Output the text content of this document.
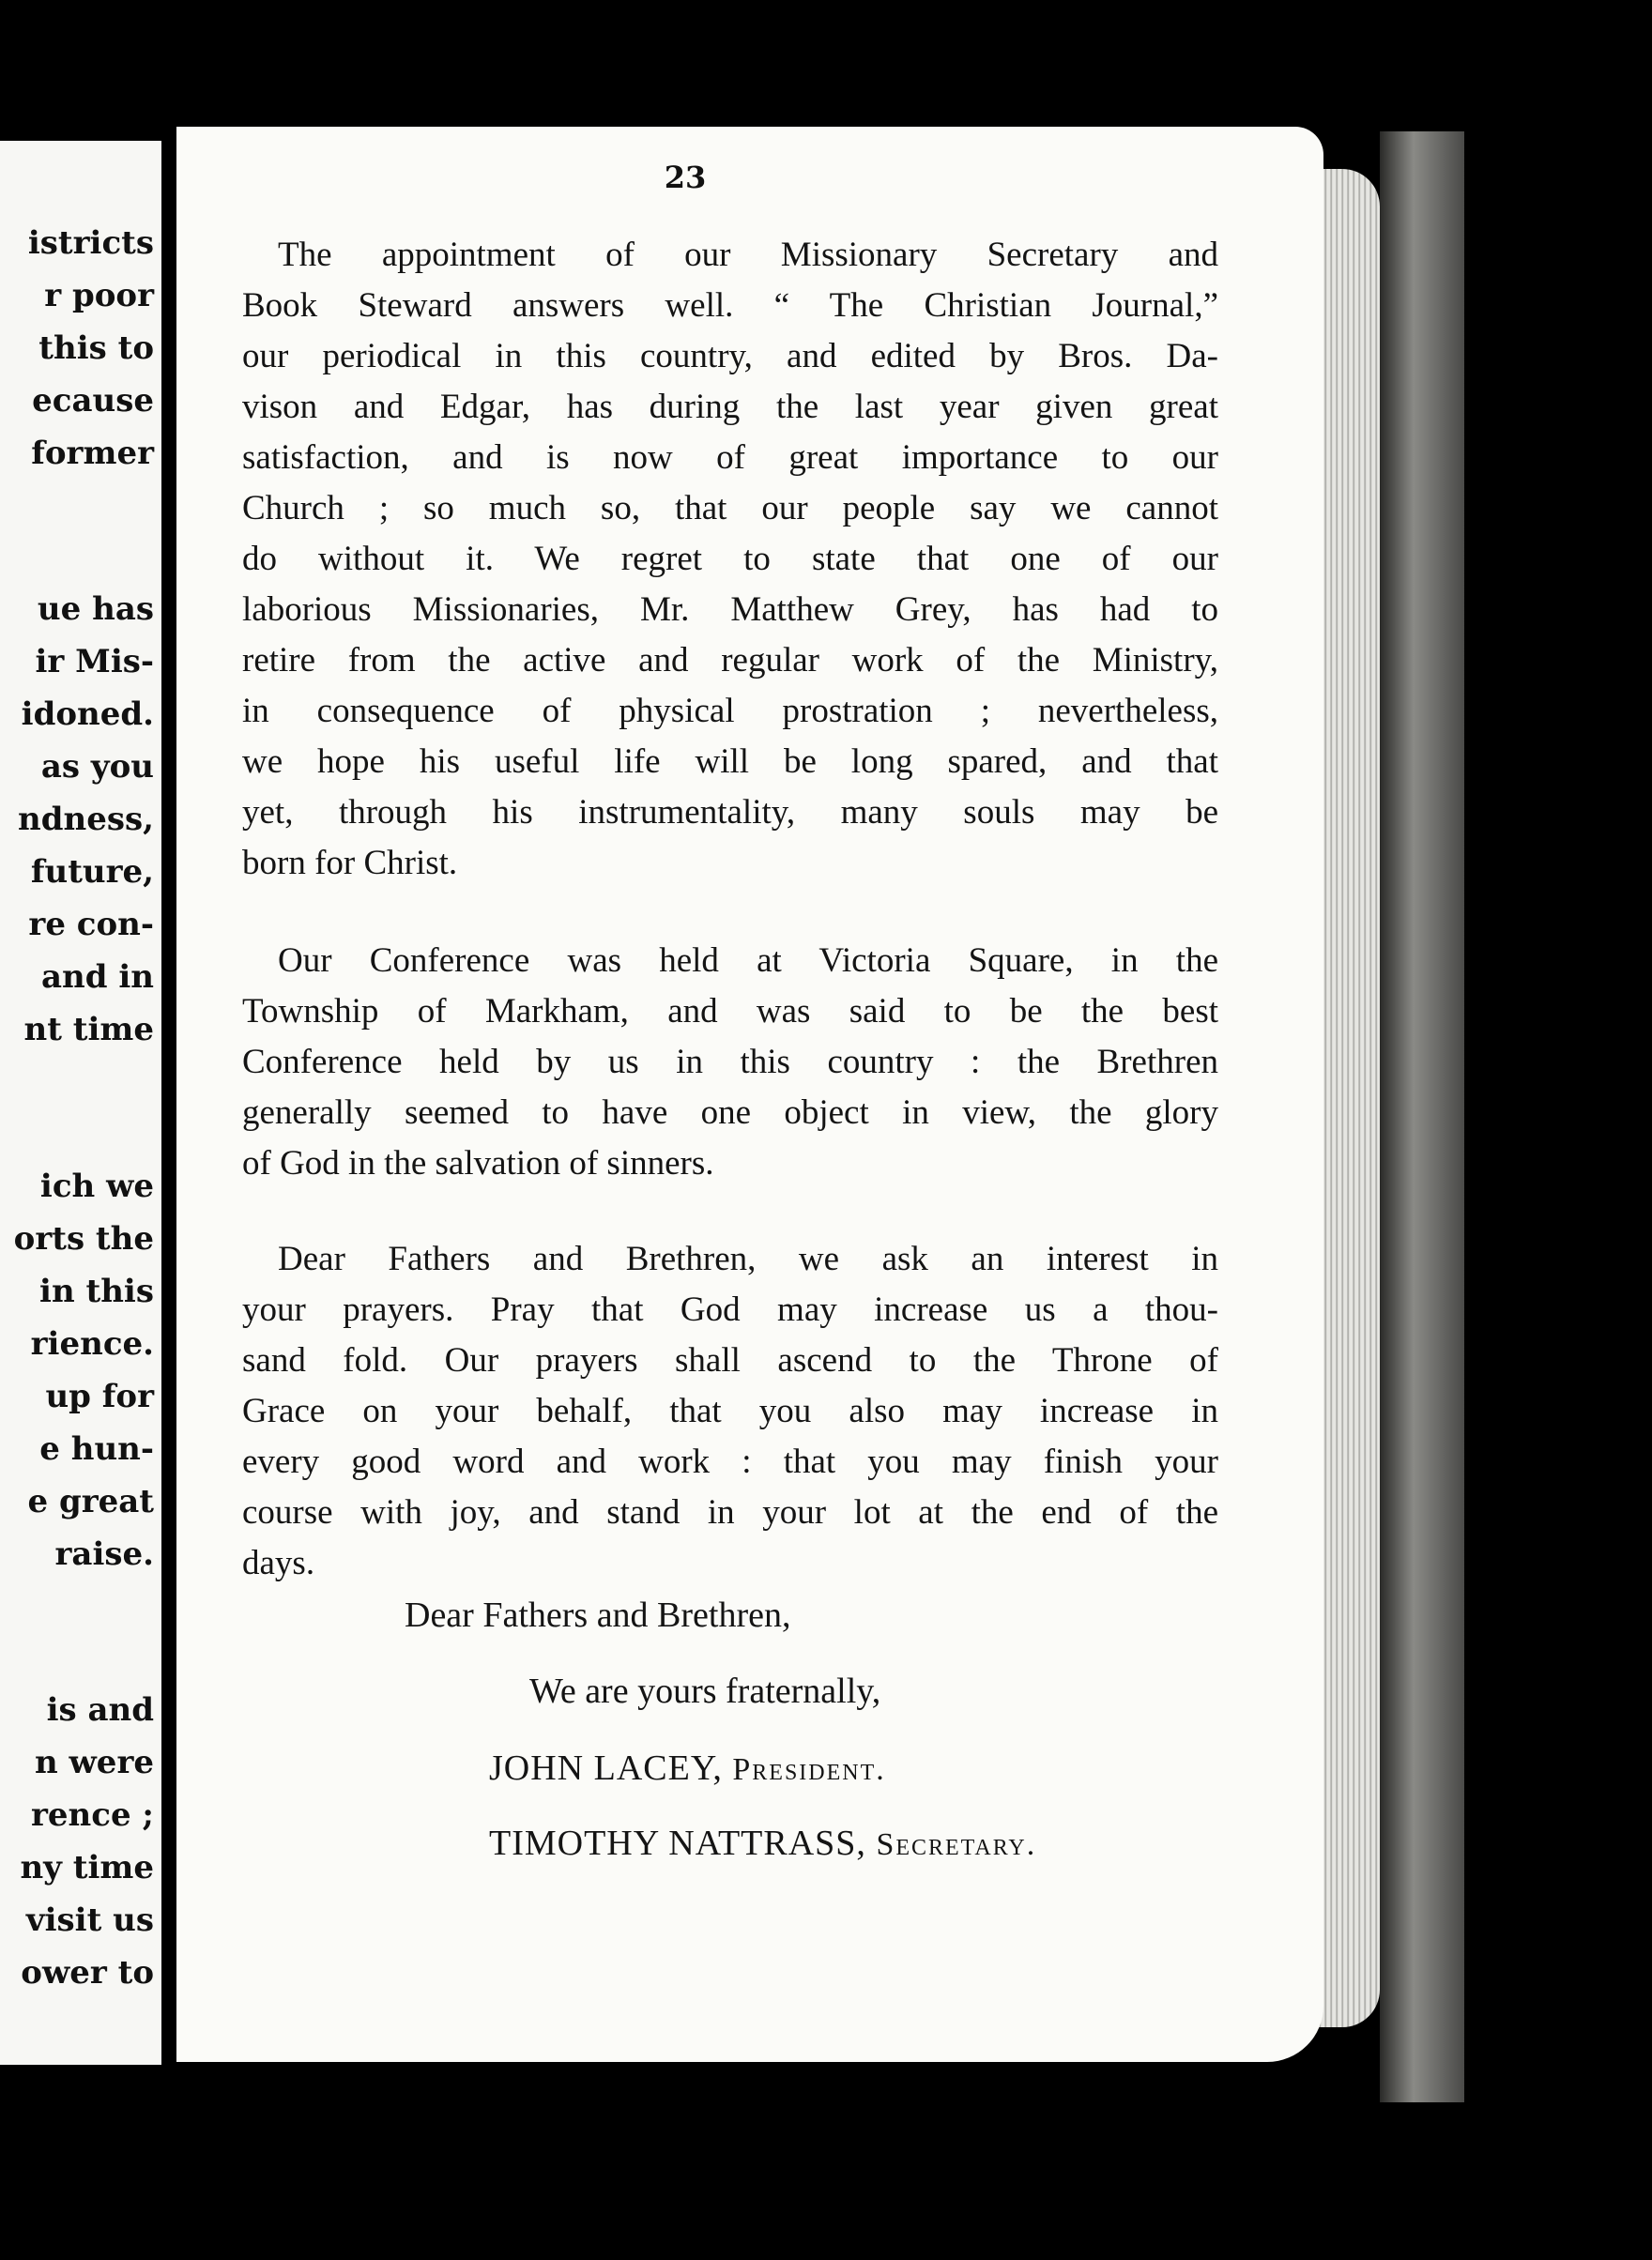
istricts
r poor
this to
ecause
former
ue has
ir Mis-
idoned.
as you
ndness,
future,
re con-
and in
nt time
ich we
orts the
in this
rience.
up for
e hun-
e great
raise.
is and
n were
rence ;
ny time
visit us
ower to
23
Dear Fathers and Brethren,
We are yours fraternally,
JOHN LACEY, President.
TIMOTHY NATTRASS, Secretary.
The appointment of our Missionary Secretary and
Book Steward answers well. “ The Christian Journal,”
our periodical in this country, and edited by Bros. Da-
vison and Edgar, has during the last year given great
satisfaction, and is now of great importance to our
Church ; so much so, that our people say we cannot
do without it. We regret to state that one of our
laborious Missionaries, Mr. Matthew Grey, has had to
retire from the active and regular work of the Ministry,
in consequence of physical prostration ; nevertheless,
we hope his useful life will be long spared, and that
yet, through his instrumentality, many souls may be
born for Christ.
Our Conference was held at Victoria Square, in the
Township of Markham, and was said to be the best
Conference held by us in this country : the Brethren
generally seemed to have one object in view, the glory
of God in the salvation of sinners.
Dear Fathers and Brethren, we ask an interest in
your prayers. Pray that God may increase us a thou-
sand fold. Our prayers shall ascend to the Throne of
Grace on your behalf, that you also may increase in
every good word and work : that you may finish your
course with joy, and stand in your lot at the end of the
days.
